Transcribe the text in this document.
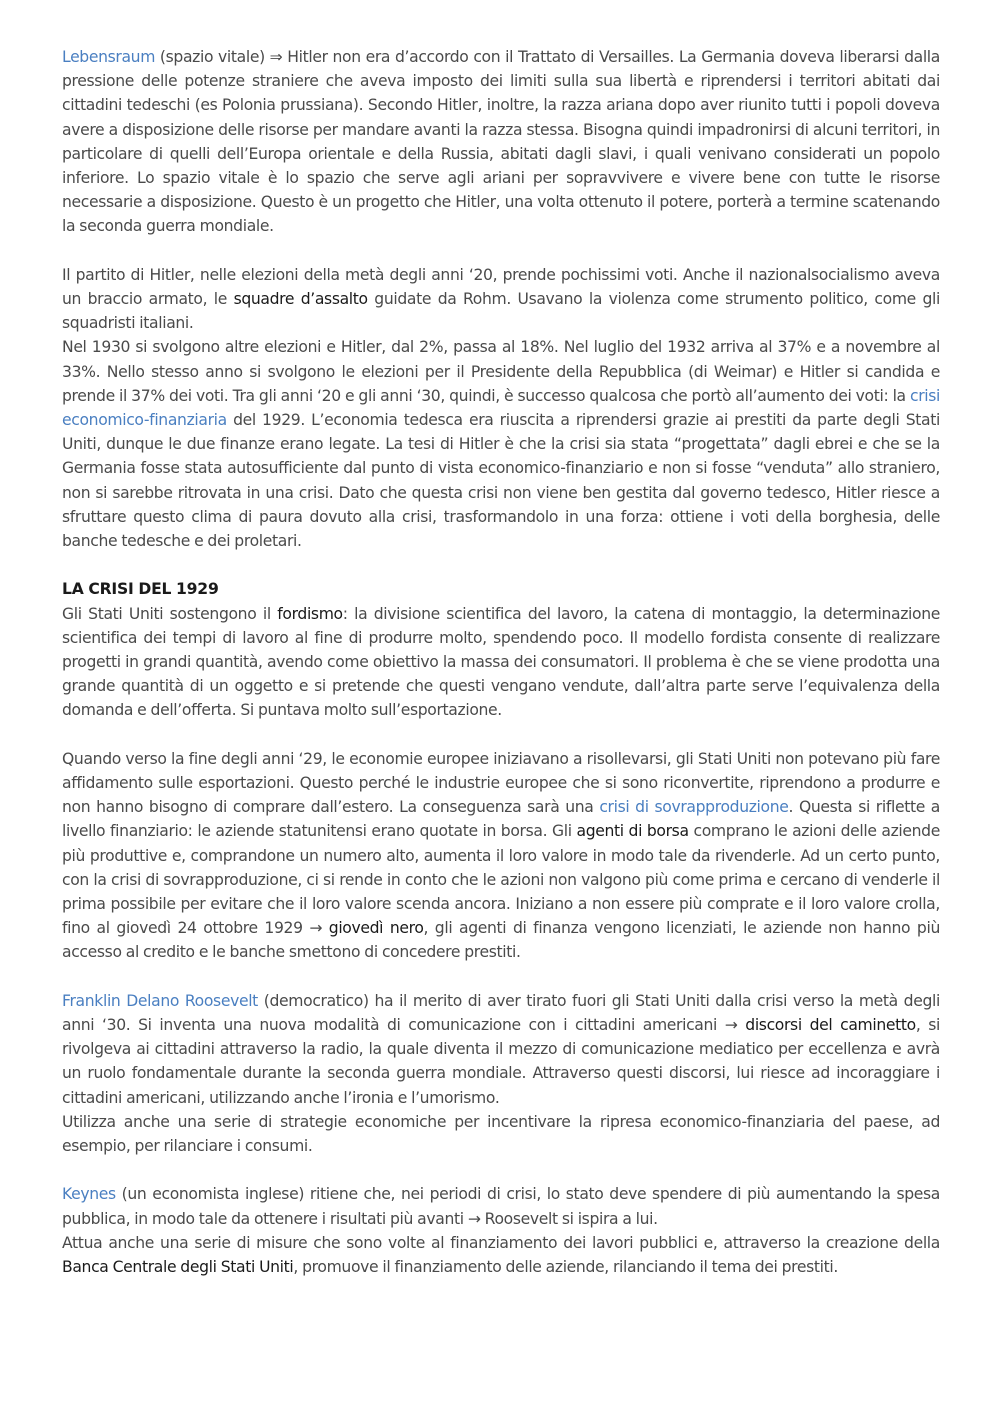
Lebensraum (spazio vitale) ⇒ Hitler non era d’accordo con il Trattato di Versailles. La Germania doveva liberarsi dalla pressione delle potenze straniere che aveva imposto dei limiti sulla sua libertà e riprendersi i territori abitati dai cittadini tedeschi (es Polonia prussiana). Secondo Hitler, inoltre, la razza ariana dopo aver riunito tutti i popoli doveva avere a disposizione delle risorse per mandare avanti la razza stessa. Bisogna quindi impadronirsi di alcuni territori, in particolare di quelli dell’Europa orientale e della Russia, abitati dagli slavi, i quali venivano considerati un popolo inferiore. Lo spazio vitale è lo spazio che serve agli ariani per sopravvivere e vivere bene con tutte le risorse necessarie a disposizione. Questo è un progetto che Hitler, una volta ottenuto il potere, porterà a termine scatenando la seconda guerra mondiale.

Il partito di Hitler, nelle elezioni della metà degli anni ‘20, prende pochissimi voti. Anche il nazionalsocialismo aveva un braccio armato, le squadre d’assalto guidate da Rohm. Usavano la violenza come strumento politico, come gli squadristi italiani.

Nel 1930 si svolgono altre elezioni e Hitler, dal 2%, passa al 18%. Nel luglio del 1932 arriva al 37% e a novembre al 33%. Nello stesso anno si svolgono le elezioni per il Presidente della Repubblica (di Weimar) e Hitler si candida e prende il 37% dei voti. Tra gli anni ‘20 e gli anni ‘30, quindi, è successo qualcosa che portò all’aumento dei voti: la crisi economico-finanziaria del 1929. L’economia tedesca era riuscita a riprendersi grazie ai prestiti da parte degli Stati Uniti, dunque le due finanze erano legate. La tesi di Hitler è che la crisi sia stata “progettata” dagli ebrei e che se la Germania fosse stata autosufficiente dal punto di vista economico-finanziario e non si fosse “venduta” allo straniero, non si sarebbe ritrovata in una crisi. Dato che questa crisi non viene ben gestita dal governo tedesco, Hitler riesce a sfruttare questo clima di paura dovuto alla crisi, trasformandolo in una forza: ottiene i voti della borghesia, delle banche tedesche e dei proletari.

LA CRISI DEL 1929

Gli Stati Uniti sostengono il fordismo: la divisione scientifica del lavoro, la catena di montaggio, la determinazione scientifica dei tempi di lavoro al fine di produrre molto, spendendo poco. Il modello fordista consente di realizzare progetti in grandi quantità, avendo come obiettivo la massa dei consumatori. Il problema è che se viene prodotta una grande quantità di un oggetto e si pretende che questi vengano vendute, dall’altra parte serve l’equivalenza della domanda e dell’offerta. Si puntava molto sull’esportazione.

Quando verso la fine degli anni ‘29, le economie europee iniziavano a risollevarsi, gli Stati Uniti non potevano più fare affidamento sulle esportazioni. Questo perché le industrie europee che si sono riconvertite, riprendono a produrre e non hanno bisogno di comprare dall’estero. La conseguenza sarà una crisi di sovrapproduzione. Questa si riflette a livello finanziario: le aziende statunitensi erano quotate in borsa. Gli agenti di borsa comprano le azioni delle aziende più produttive e, comprandone un numero alto, aumenta il loro valore in modo tale da rivenderle. Ad un certo punto, con la crisi di sovrapproduzione, ci si rende in conto che le azioni non valgono più come prima e cercano di venderle il prima possibile per evitare che il loro valore scenda ancora. Iniziano a non essere più comprate e il loro valore crolla, fino al giovedì 24 ottobre 1929 → giovedì nero, gli agenti di finanza vengono licenziati, le aziende non hanno più accesso al credito e le banche smettono di concedere prestiti.

Franklin Delano Roosevelt (democratico) ha il merito di aver tirato fuori gli Stati Uniti dalla crisi verso la metà degli anni ‘30. Si inventa una nuova modalità di comunicazione con i cittadini americani → discorsi del caminetto, si rivolgeva ai cittadini attraverso la radio, la quale diventa il mezzo di comunicazione mediatico per eccellenza e avrà un ruolo fondamentale durante la seconda guerra mondiale. Attraverso questi discorsi, lui riesce ad incoraggiare i cittadini americani, utilizzando anche l’ironia e l’umorismo.

Utilizza anche una serie di strategie economiche per incentivare la ripresa economico-finanziaria del paese, ad esempio, per rilanciare i consumi.

Keynes (un economista inglese) ritiene che, nei periodi di crisi, lo stato deve spendere di più aumentando la spesa pubblica, in modo tale da ottenere i risultati più avanti → Roosevelt si ispira a lui.

Attua anche una serie di misure che sono volte al finanziamento dei lavori pubblici e, attraverso la creazione della Banca Centrale degli Stati Uniti, promuove il finanziamento delle aziende, rilanciando il tema dei prestiti.
